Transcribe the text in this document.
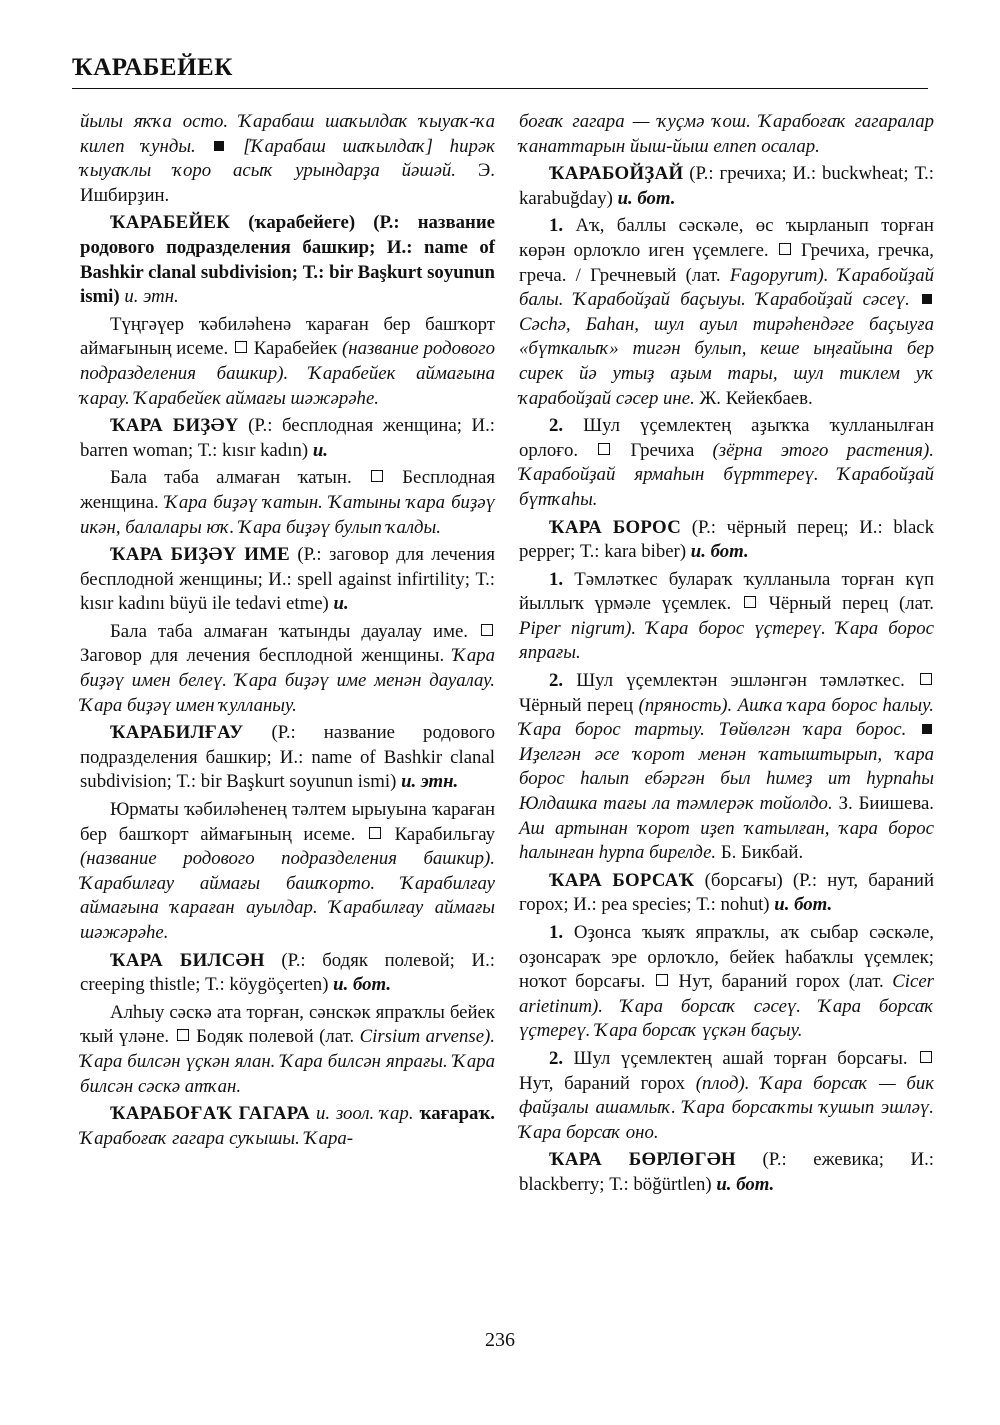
ҠАРАБЕЙЕК

йылы яҡҡа осто. Ҡарабаш шаҡылдаҡ ҡыуаҡ-ҡа килеп ҡунды.	[Ҡарабаш шаҡылдаҡ] һирәк ҡыуаҡлы ҡоро асыҡ урындарҙа йәшәй. Э. Ишбирҙин.

ҠАРАБЕЙЕК (ҡарабейеге) (Р.: название родового подразделения башкир; И.: name of Bashkir clanal subdivision; Т.: bir Başkurt soyunun ismi) и. этн.

Түңгәүер ҡәбиләһенә ҡараған бер башҡорт аймағының исеме. Карабейек (название родового подразделения башкир). Ҡарабейек аймағына ҡарау. Ҡарабейек аймағы шәжәрәһе.

ҠАРА БИҘӘҮ (Р.: бесплодная женщина; И.: barren woman; Т.: kısır kadın) и.

Бала таба алмаған ҡатын.	Бесплодная женщина. Ҡара биҙәү ҡатын. Ҡатыны ҡара биҙәү икән, балалары юҡ. Ҡара биҙәү булып ҡалды.

ҠАРА БИҘӘҮ ИМЕ (Р.: заговор для лечения бесплодной женщины; И.: spell against infirtility; Т.: kısır kadını büyü ile tedavi etme) и.

Бала таба алмаған ҡатынды дауалау име.  Заговор для лечения бесплодной женщины. Ҡара биҙәү имен белеү. Ҡара биҙәү име менән дауалау. Ҡара биҙәү имен ҡулланыу.

ҠАРАБИЛҒАУ (Р.: название родового подразделения башкир; И.: name of Bashkir clanal subdivision; Т.: bir Başkurt soyunun ismi) и. этн.

Юрматы ҡәбиләһенең тәлтем ырыуына ҡараған бер башҡорт аймағының исеме. Карабильгау (название родового подразделения башкир). Ҡарабилғау аймағы башҡорто. Ҡарабилғау аймағына ҡараған ауылдар. Ҡарабилғау аймағы шәжәрәһе.

ҠАРА БИЛСӘН (Р.: бодяк полевой; И.: creeping thistle; Т.: köygöçerten) и. бот.

Алһыу сәскә ата торған, сәнскәк япраҡлы бейек ҡый үләне. Бодяк полевой (лат. Cirsium arvense). Ҡара билсән үҫкән ялан. Ҡара билсән япрағы. Ҡара билсән сәскә атҡан.

ҠАРАБОҒАҠ ГАГАРА и. зоол. ҡар. ҡағараҡ. Ҡарабоғаҡ гагара суҡышы. Ҡара-

боғаҡ гагара — ҡуҫмә ҡош. Ҡарабоғаҡ гагаралар ҡанаттарын йыш-йыш елпеп осалар.

ҠАРАБОЙҘАЙ (Р.: гречиха; И.: buckwheat; Т.: karabuğday) и. бот.

1. Аҡ, баллы сәскәле, өс ҡырланып торған көрән орлоҡло иген үҫемлеге. Гречиха, гречка, греча. / Гречневый (лат. Fagopyrum). Ҡарабойҙай балы. Ҡарабойҙай баҫыуы. Ҡарабойҙай сәсеү.  Сәсһә, Баһан, шул ауыл тирәһендәге баҫыуға «бүткалыҡ» тигән булып, кеше ыңғайына бер сирек йә утыҙ аҙым тары, шул тиклем уҡ ҡарабойҙай сәсер ине. Ж. Кейекбаев.

2. Шул үҫемлектең аҙыҡҡа ҡулланылған орлоғо.	Гречиха (зёрна этого растения). Ҡарабойҙай ярмаһын бүрттереү. Ҡарабойҙай бүтҡаһы.

ҠАРА БОРОС (Р.: чёрный перец; И.: black pepper; Т.: kara biber) и. бот.

1. Тәмләткес булараҡ ҡулланыла торған күп йыллыҡ үрмәле үҫемлек. Чёрный перец (лат. Piper nigrum). Ҡара борос үҫтереү. Ҡара борос япрағы.

2. Шул үҫемлектән эшләнгән тәмләткес.  Чёрный перец (пряность). Ашҡа ҡара борос һалыу. Ҡара борос тартыу. Төйөлгән ҡара борос.  Иҙелгән әсе ҡорот менән ҡатыштырып, ҡара борос һалып ебәргән был һимеҙ ит һурпаһы Юлдашка тағы ла тәмлерәк тойолдо. З. Биишева. Аш артынан ҡорот иҙеп ҡатылған, ҡара борос һалынған һурпа бирелде. Б. Бикбай.

ҠАРА БОРСАҠ (борсағы) (Р.: нут, бараний горох; И.: pea species; Т.: nohut) и. бот.

1. Оҙонса ҡыяҡ япраҡлы, аҡ сыбар сәскәле, оҙонсараҡ эре орлоҡло, бейек һабаҡлы үҫемлек; ноҡот борсағы. Нут, бараний горох (лат. Cicer arietinum). Ҡара борсаҡ сәсеү. Ҡара борсаҡ үҫтереү. Ҡара борсаҡ үҫкән баҫыу.

2. Шул үҫемлектең ашай торған борсағы.  Нут, бараний горох (плод). Ҡара борсаҡ — бик файҙалы ашамлыҡ. Ҡара борсаҡты ҡушып эшләү. Ҡара борсаҡ оно.

ҠАРА БӨРЛӨГӘН (Р.: ежевика; И.: blackberry; Т.: böğürtlen) и. бот.

236
